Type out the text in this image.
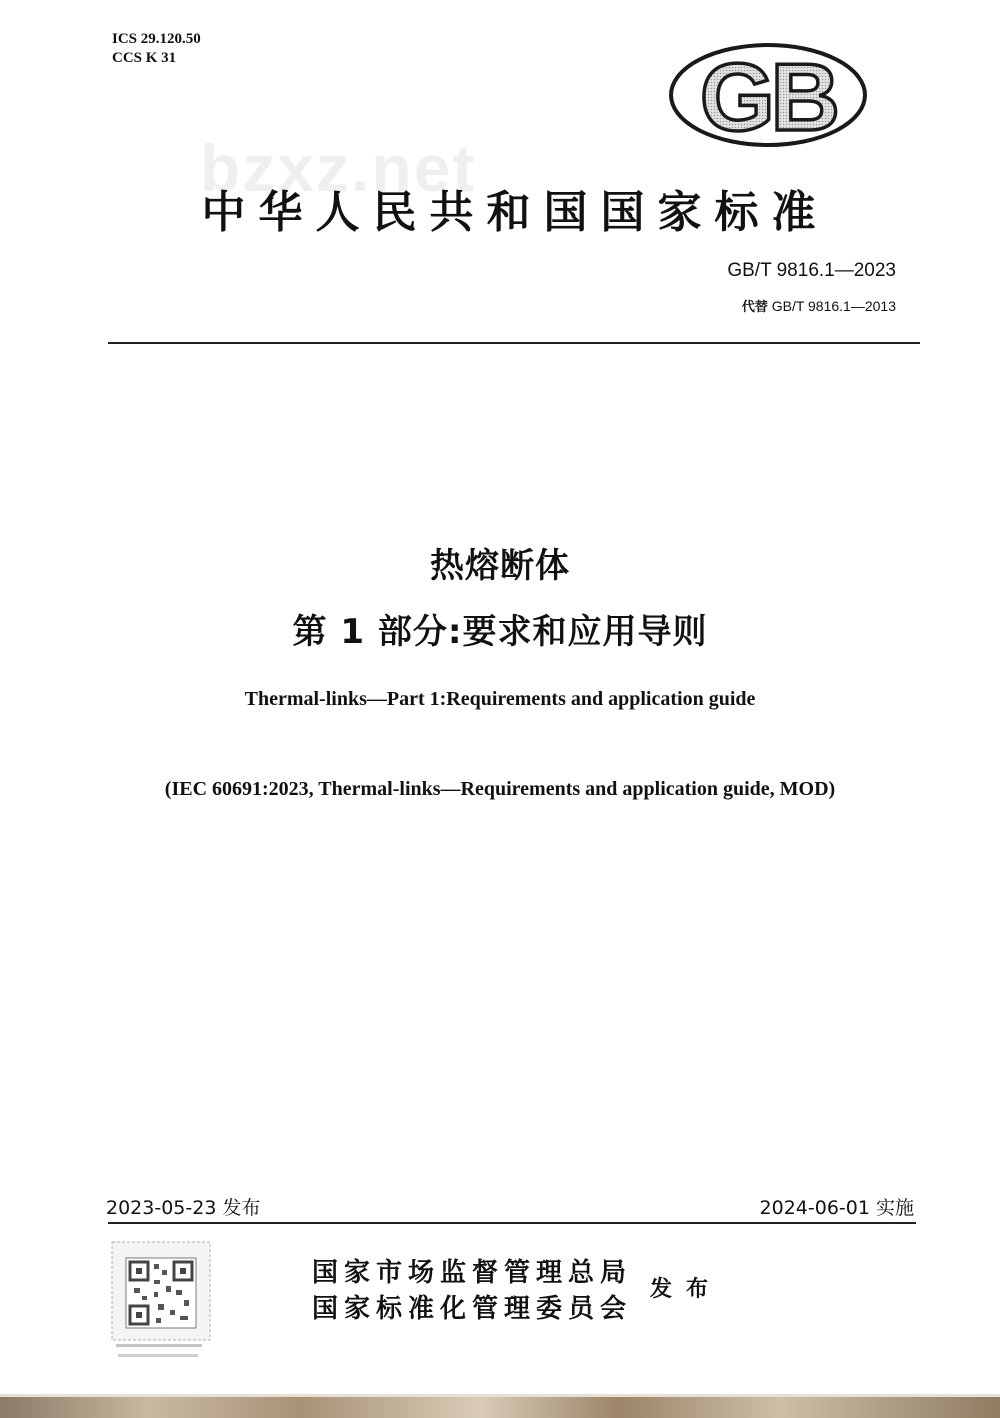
ICS 29.120.50
CCS K 31	GB
bzxz.net
中华人民共和国国家标准
GB/T 9816.1—2023
代替 GB/T 9816.1—2013
热熔断体
第 1 部分:要求和应用导则
Thermal-links—Part 1:Requirements and application guide
(IEC 60691:2023, Thermal-links—Requirements and application guide, MOD)
2023-05-23 发布	2024-06-01 实施
国家市场监督管理总局
国家标准化管理委员会
发布
